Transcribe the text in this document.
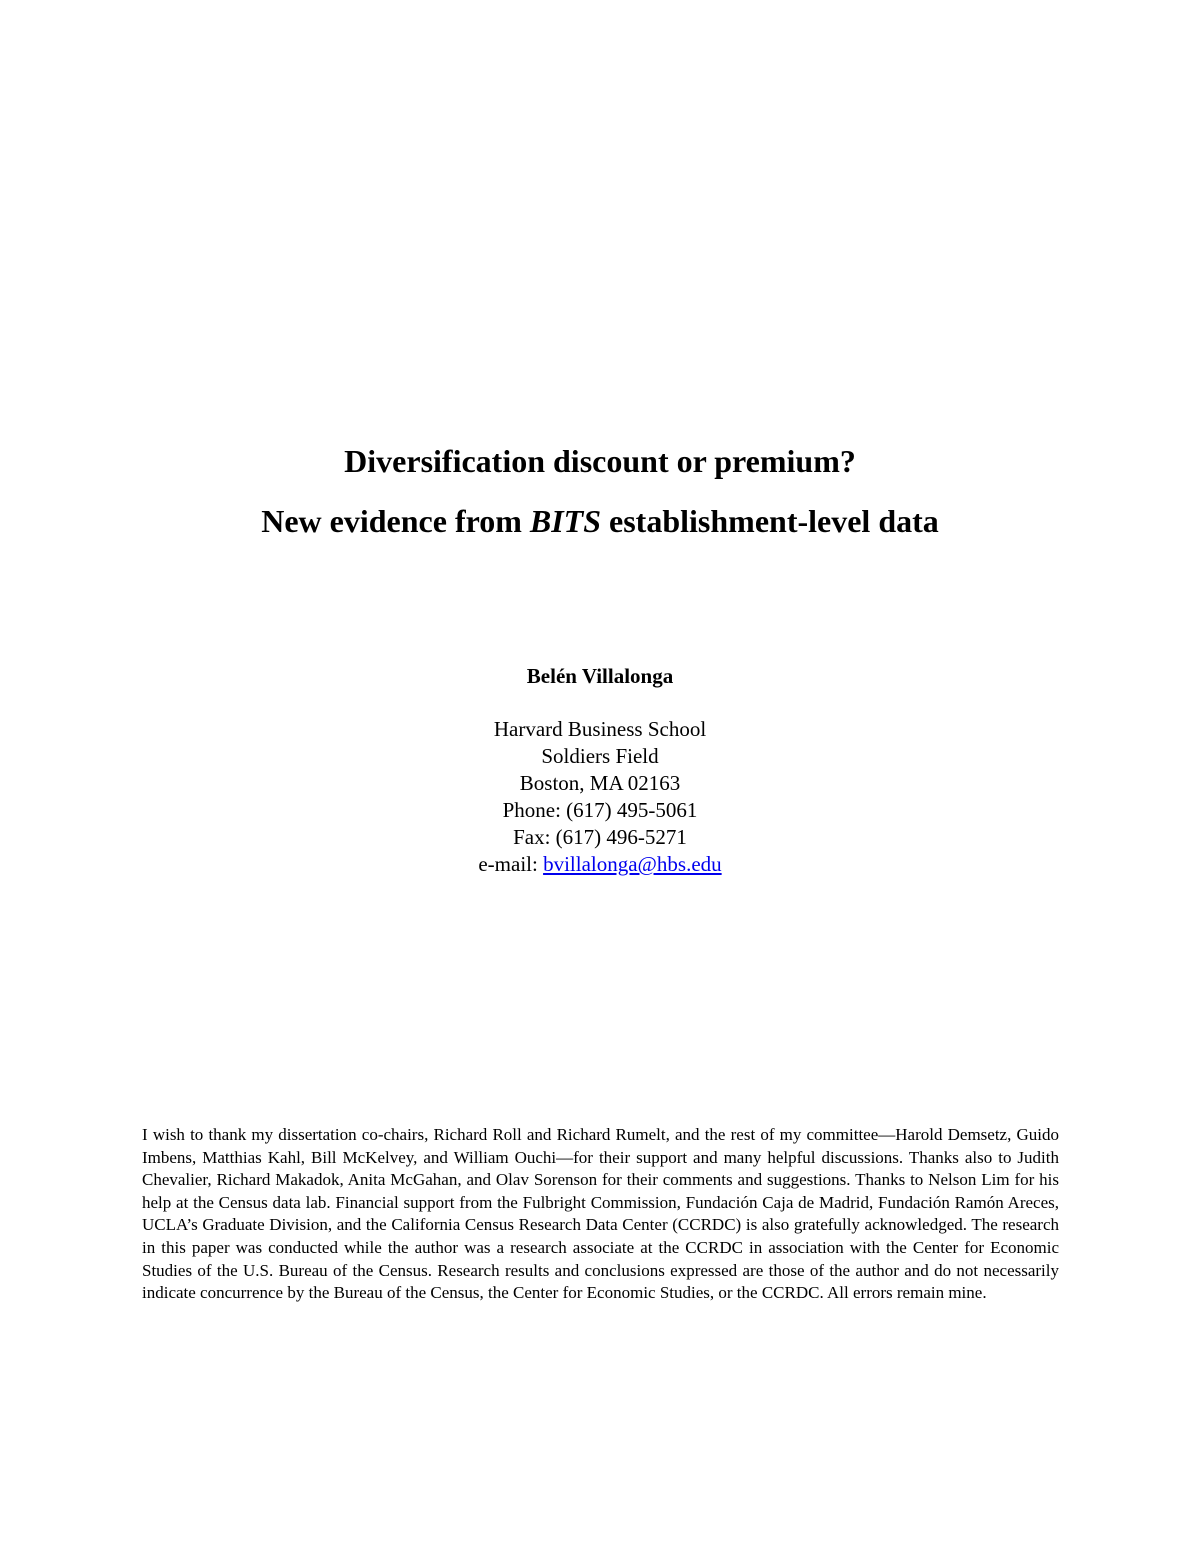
Diversification discount or premium?
New evidence from BITS establishment-level data
Belén Villalonga
Harvard Business School
Soldiers Field
Boston, MA 02163
Phone: (617) 495-5061
Fax: (617) 496-5271
e-mail: bvillalonga@hbs.edu
I wish to thank my dissertation co-chairs, Richard Roll and Richard Rumelt, and the rest of my committee—Harold Demsetz, Guido Imbens, Matthias Kahl, Bill McKelvey, and William Ouchi—for their support and many helpful discussions. Thanks also to Judith Chevalier, Richard Makadok, Anita McGahan, and Olav Sorenson for their comments and suggestions. Thanks to Nelson Lim for his help at the Census data lab. Financial support from the Fulbright Commission, Fundación Caja de Madrid, Fundación Ramón Areces, UCLA’s Graduate Division, and the California Census Research Data Center (CCRDC) is also gratefully acknowledged. The research in this paper was conducted while the author was a research associate at the CCRDC in association with the Center for Economic Studies of the U.S. Bureau of the Census. Research results and conclusions expressed are those of the author and do not necessarily indicate concurrence by the Bureau of the Census, the Center for Economic Studies, or the CCRDC. All errors remain mine.
